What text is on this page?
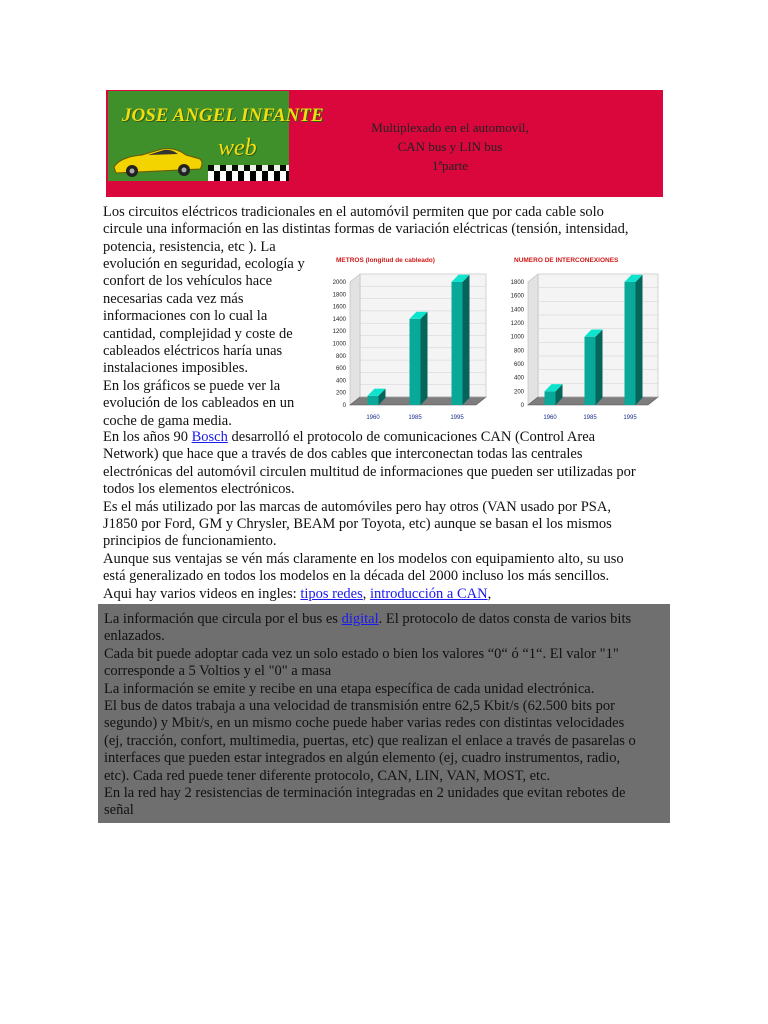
JOSE ANGEL INFANTE
web
Multiplexado en el automovil,
CAN bus y LIN bus
1ªparte
Los circuitos eléctricos tradicionales en el automóvil permiten que por cada cable solo
circule una información en las distintas formas de variación eléctricas (tensión, intensidad,
potencia, resistencia, etc ). La
evolución en seguridad, ecología y
confort de los vehículos hace
necesarias cada vez más
informaciones con lo cual la
cantidad, complejidad y coste de
cableados eléctricos haría unas
instalaciones imposibles.
En los gráficos se puede ver la
evolución de los cableados en un
coche de gama media.
METROS (longitud de cableado)
2000
1800
1600
1400
1200
1000
800
600
400
200
0
1960	1985	1995
NUMERO DE INTERCONEXIONES
1800
1600
1400
1200
1000
800
600
400
200
0
1960	1985	1995
En los años 90 Bosch desarrolló el protocolo de comunicaciones CAN (Control Area
Network) que hace que a través de dos cables que interconectan todas las centrales
electrónicas del automóvil circulen multitud de informaciones que pueden ser utilizadas por
todos los elementos electrónicos.
Es el más utilizado por las marcas de automóviles pero hay otros (VAN usado por PSA,
J1850 por Ford, GM y Chrysler, BEAM por Toyota, etc) aunque se basan el los mismos
principios de funcionamiento.
Aunque sus ventajas se vén más claramente en los modelos con equipamiento alto, su uso
está generalizado en todos los modelos en la década del 2000 incluso los más sencillos.
Aqui hay varios videos en ingles: tipos redes, introducción a CAN,
La información que circula por el bus es digital. El protocolo de datos consta de varios bits
enlazados.
Cada bit puede adoptar cada vez un solo estado o bien los valores “0“ ó “1“. El valor "1"
corresponde a 5 Voltios y el "0" a masa
La información se emite y recibe en una etapa específica de cada unidad electrónica.
El bus de datos trabaja a una velocidad de transmisión entre 62,5 Kbit/s (62.500 bits por
segundo) y Mbit/s, en un mismo coche puede haber varias redes con distintas velocidades
(ej, tracción, confort, multimedia, puertas, etc) que realizan el enlace a través de pasarelas o
interfaces que pueden estar integrados en algún elemento (ej, cuadro instrumentos, radio,
etc). Cada red puede tener diferente protocolo, CAN, LIN, VAN, MOST, etc.
En la red hay 2 resistencias de terminación integradas en 2 unidades que evitan rebotes de
señal
